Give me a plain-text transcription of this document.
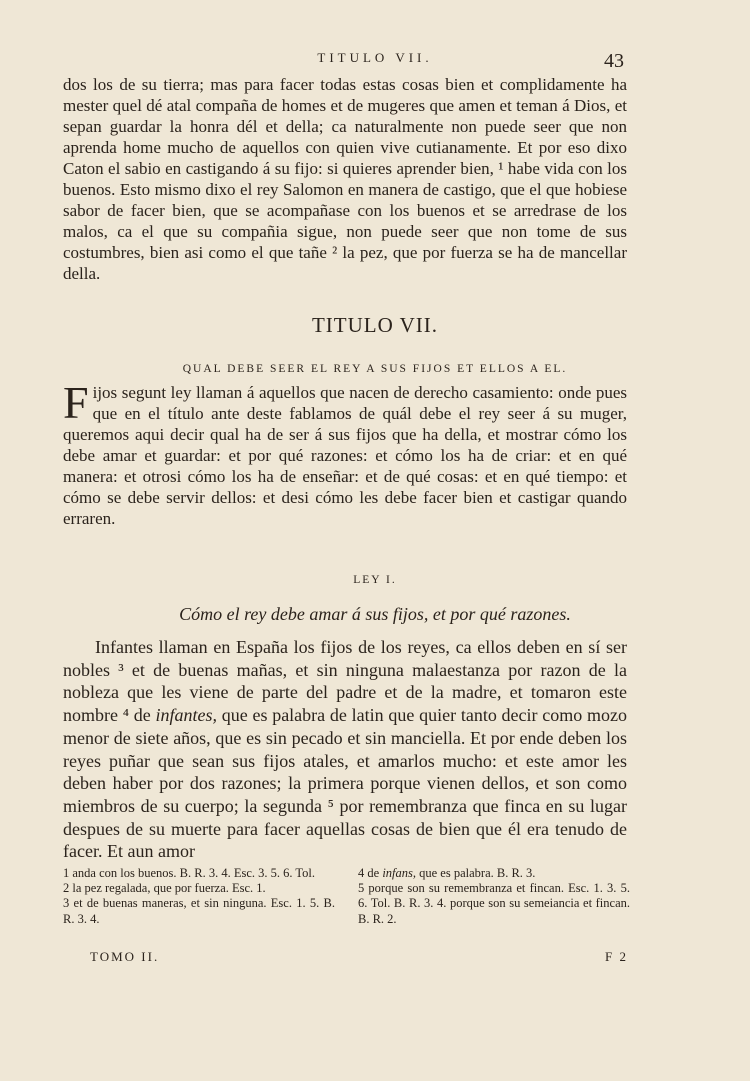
TITULO VII.	43

dos los de su tierra; mas para facer todas estas cosas bien et complidamente ha mester quel dé atal compaña de homes et de mugeres que amen et teman á Dios, et sepan guardar la honra dél et della; ca naturalmente non puede seer que non aprenda home mucho de aquellos con quien vive cutianamente. Et por eso dixo Caton el sabio en castigando á su fijo: si quieres aprender bien, ¹ habe vida con los buenos. Esto mismo dixo el rey Salomon en manera de castigo, que el que hobiese sabor de facer bien, que se acompañase con los buenos et se arredrase de los malos, ca el que su compañia sigue, non puede seer que non tome de sus costumbres, bien asi como el que tañe ² la pez, que por fuerza se ha de mancellar della.

TITULO VII.
QUAL DEBE SEER EL REY A SUS FIJOS ET ELLOS A EL.
F ijos segunt ley llaman á aquellos que nacen de derecho casamiento: onde pues que en el título ante deste fablamos de quál debe el rey seer á su muger, queremos aqui decir qual ha de ser á sus fijos que ha della, et mostrar cómo los debe amar et guardar: et por qué razones: et cómo los ha de criar: et en qué manera: et otrosi cómo los ha de enseñar: et de qué cosas: et en qué tiempo: et cómo se debe servir dellos: et desi cómo les debe facer bien et castigar quando erraren.

LEY I.
Cómo el rey debe amar á sus fijos, et por qué razones.

Infantes llaman en España los fijos de los reyes, ca ellos deben en sí ser nobles ³ et de buenas mañas, et sin ninguna malaestanza por razon de la nobleza que les viene de parte del padre et de la madre, et tomaron este nombre ⁴ de infantes, que es palabra de latin que quier tanto decir como mozo menor de siete años, que es sin pecado et sin manciella. Et por ende deben los reyes puñar que sean sus fijos atales, et amarlos mucho: et este amor les deben haber por dos razones; la primera porque vienen dellos, et son como miembros de su cuerpo; la segunda ⁵ por remembranza que finca en su lugar despues de su muerte para facer aquellas cosas de bien que él era tenudo de facer. Et aun amor

1 anda con los buenos. B. R. 3. 4. Esc. 3. 5. 6. Tol.

2 la pez regalada, que por fuerza. Esc. 1.

3 et de buenas maneras, et sin ninguna. Esc. 1. 5. B. R. 3. 4.

4 de infans, que es palabra. B. R. 3.

5 porque son su remembranza et fincan. Esc. 1. 3. 5. 6. Tol. B. R. 3. 4. porque son su semeiancia et fincan. B. R. 2.

TOMO II.	F 2
